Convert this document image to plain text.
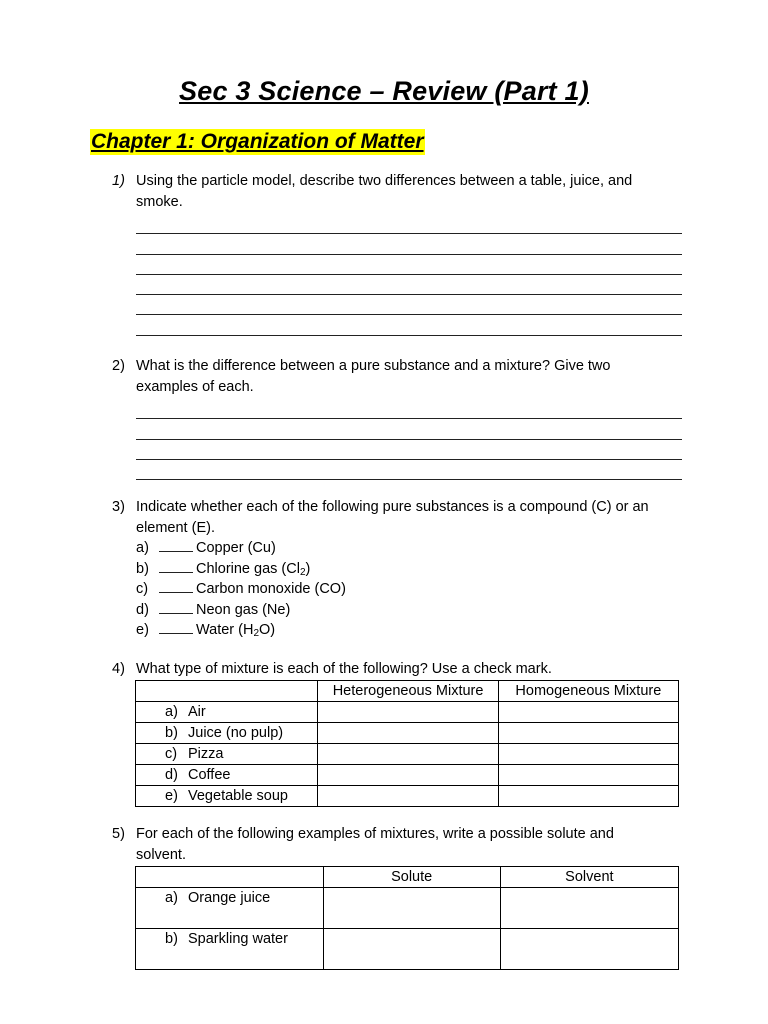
Sec 3 Science – Review (Part 1)
Chapter 1: Organization of Matter
1) Using the particle model, describe two differences between a table, juice, and
smoke.
2) What is the difference between a pure substance and a mixture? Give two
examples of each.
3) Indicate whether each of the following pure substances is a compound (C) or an
element (E).
a)	Copper (Cu)
b)	Chlorine gas $(Cl_2)$
c)	Carbon monoxide (CO)
d)	Neon gas (Ne)
e)	Water $(H_2O)$
4) What type of mixture is each of the following? Use a check mark.
	Heterogeneous Mixture	Homogeneous Mixture

a) Air		

b) Juice (no pulp)		

c) Pizza		

d) Coffee		

e) Vegetable soup		

5) For each of the following examples of mixtures, write a possible solute and
solvent.
	Solute	Solvent

a) Orange juice		

b) Sparkling water		
